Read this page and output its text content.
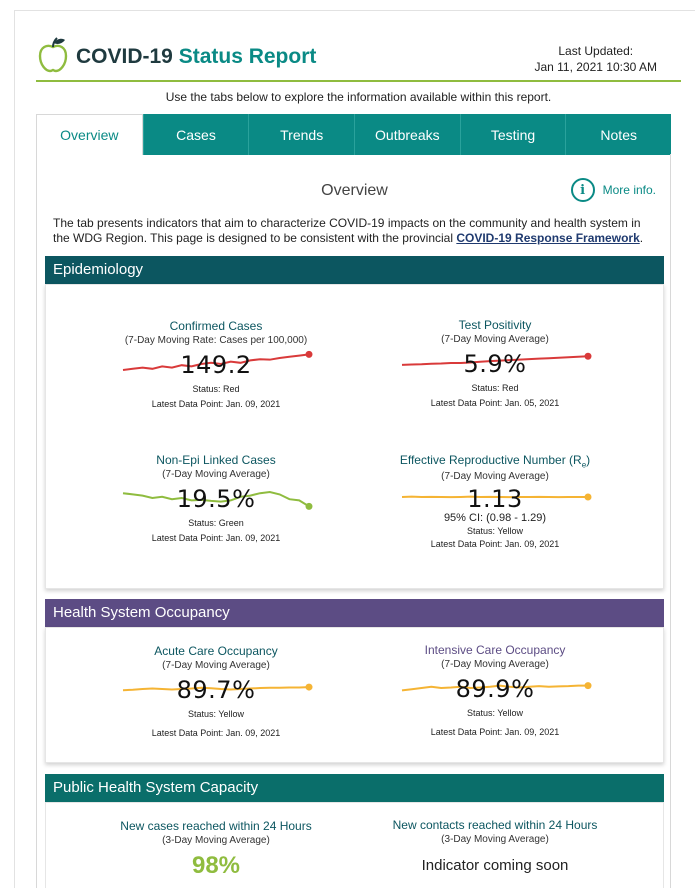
COVID-19 Status Report	Last Updated:
Jan 11, 2021 10:30 AM
Use the tabs below to explore the information available within this report.
Overview	Cases	Trends	Outbreaks	Testing	Notes
Overview	i	More info.
The tab presents indicators that aim to characterize COVID-19 impacts on the community and health system in the WDG Region. This page is designed to be consistent with the provincial COVID-19 Response Framework.
Epidemiology
Confirmed Cases
(7-Day Moving Rate: Cases per 100,000)
149.2
Status: Red
Latest Data Point: Jan. 09, 2021
Test Positivity
(7-Day Moving Average)
5.9%
Status: Red
Latest Data Point: Jan. 05, 2021
Non-Epi Linked Cases
(7-Day Moving Average)
19.5%
Status: Green
Latest Data Point: Jan. 09, 2021
Effective Reproductive Number $(R_e)$
(7-Day Moving Average)
1.13
95% CI: (0.98 - 1.29)
Status: Yellow
Latest Data Point: Jan. 09, 2021
Health System Occupancy
Acute Care Occupancy
(7-Day Moving Average)
89.7%
Status: Yellow
Latest Data Point: Jan. 09, 2021
Intensive Care Occupancy
(7-Day Moving Average)
89.9%
Status: Yellow
Latest Data Point: Jan. 09, 2021
Public Health System Capacity
New cases reached within 24 Hours
(3-Day Moving Average)
98%
New contacts reached within 24 Hours
(3-Day Moving Average)
Indicator coming soon
